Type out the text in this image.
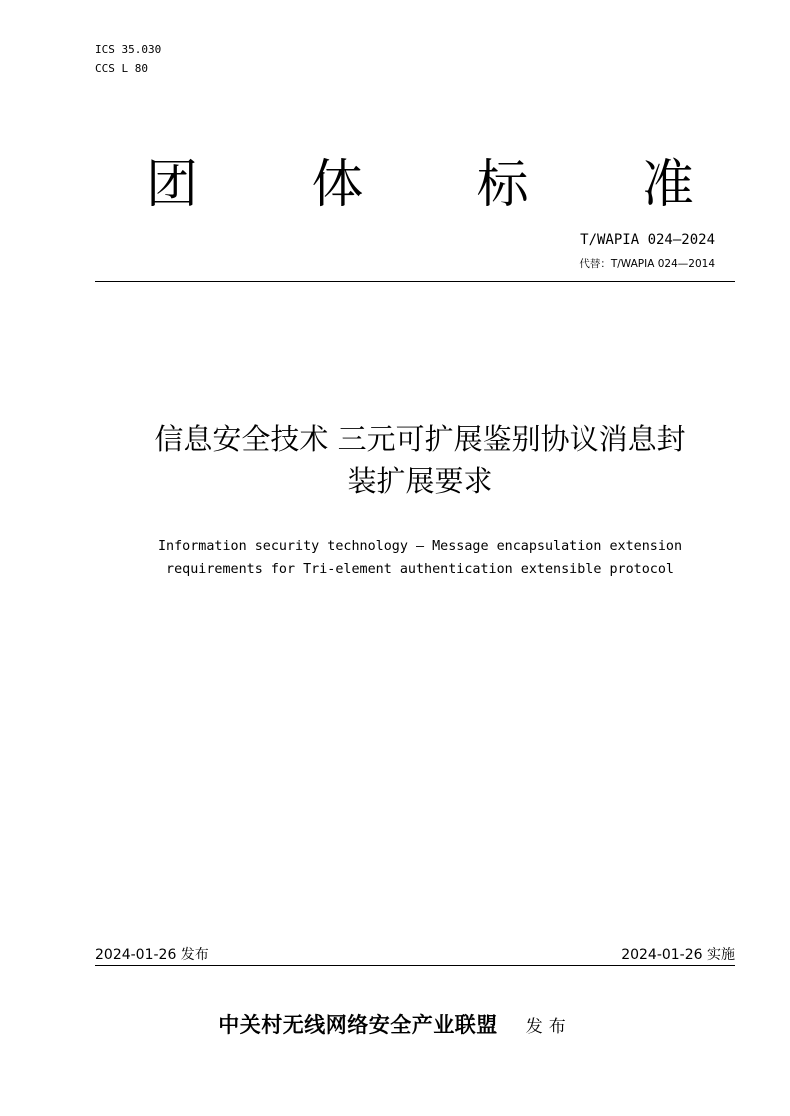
ICS 35.030
CCS L 80
团	体	标	准
T/WAPIA 024—2024
代替：T/WAPIA 024—2014
信息安全技术 三元可扩展鉴别协议消息封
装扩展要求
Information security technology — Message encapsulation extension
requirements for Tri-element authentication extensible protocol
2024-01-26 发布	2024-01-26 实施
中关村无线网络安全产业联盟 发布
